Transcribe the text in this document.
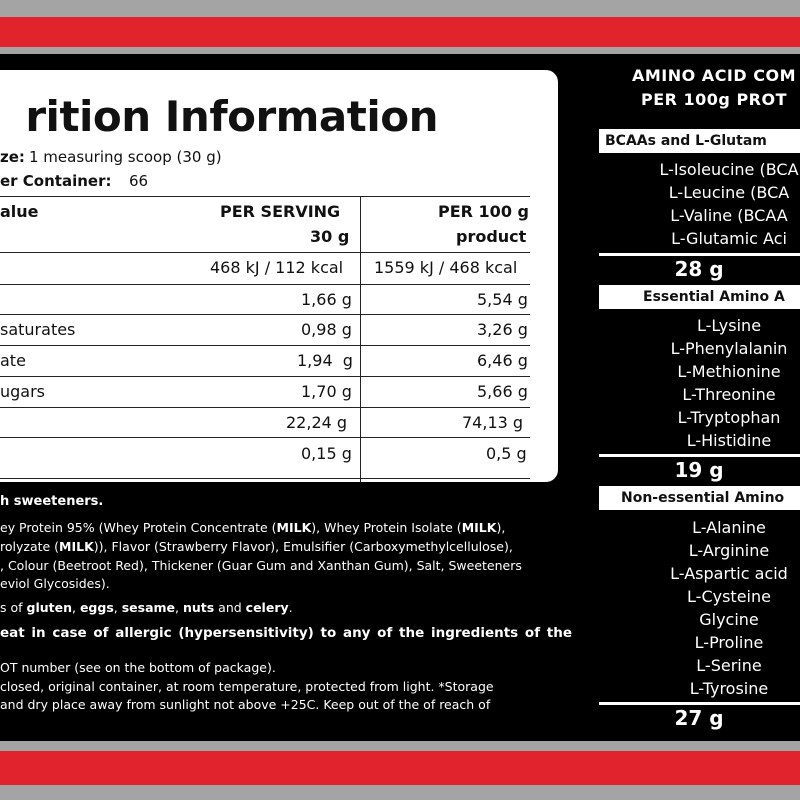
rition Information
ze: 1 measuring scoop (30 g)
er Container: 66
alue	PER SERVING
30 g
PER 100 g
product
468 kJ / 112 kcal 1559 kJ / 468 kcal
1,66 g	5,54 g
saturates	0,98 g	3,26 g
ate	1,94  g	6,46 g
ugars	1,70 g	5,66 g
22,24 g	74,13 g
0,15 g	0,5 g
h sweeteners.
ey Protein 95% (Whey Protein Concentrate (MILK), Whey Protein Isolate (MILK),
rolyzate (MILK)), Flavor (Strawberry Flavor), Emulsifier (Carboxymethylcellulose),
, Colour (Beetroot Red), Thickener (Guar Gum and Xanthan Gum), Salt, Sweeteners
eviol Glycosides).
s of gluten, eggs, sesame, nuts and celery.
eat in case of allergic (hypersensitivity) to any of the ingredients of the
OT number (see on the bottom of package).
closed, original container, at room temperature, protected from light. *Storage
and dry place away from sunlight not above +25C. Keep out of the of reach of
AMINO ACID COM
PER 100g PROT
BCAAs and L-Glutam
L-Isoleucine (BCA
L-Leucine (BCA
L-Valine (BCAA
L-Glutamic Aci
28 g
Essential Amino A
L-Lysine
L-Phenylalanin
L-Methionine
L-Threonine
L-Tryptophan
L-Histidine
19 g
Non-essential Amino
L-Alanine
L-Arginine
L-Aspartic acid
L-Cysteine
Glycine
L-Proline
L-Serine
L-Tyrosine
27 g
